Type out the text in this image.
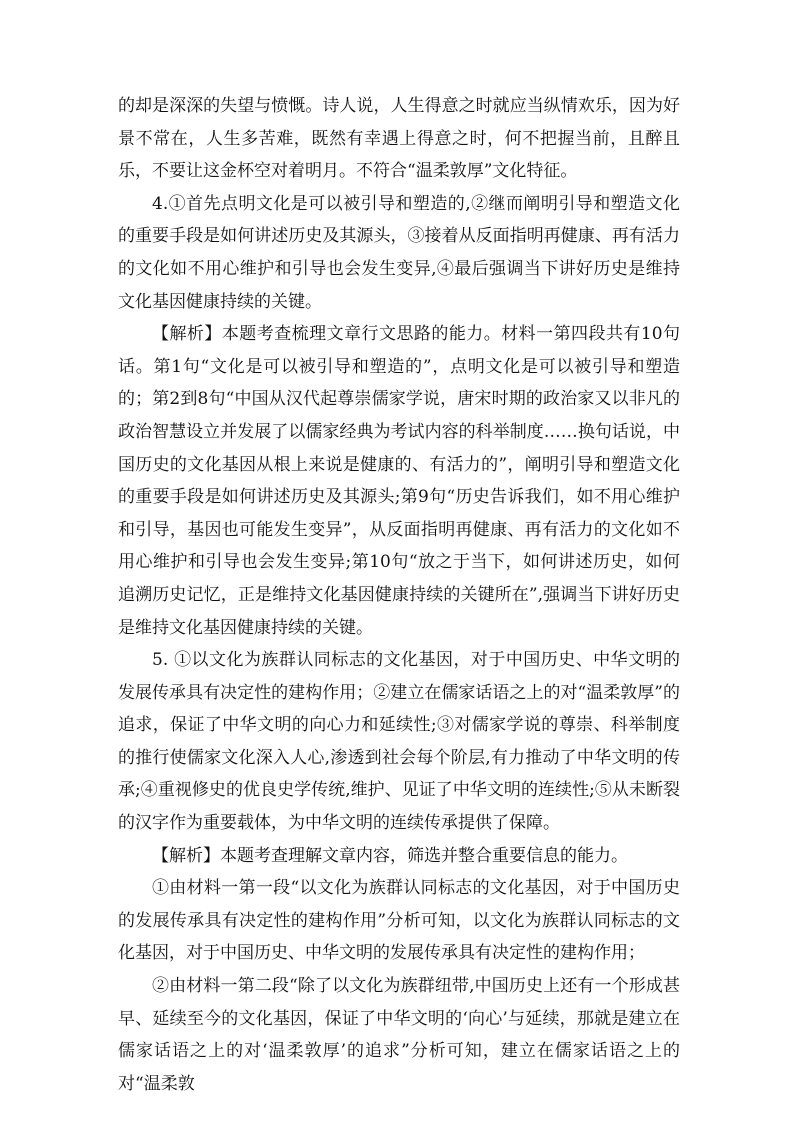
的却是深深的失望与愤慨。诗人说，人生得意之时就应当纵情欢乐，因为好景不常在，人生多苦难，既然有幸遇上得意之时，何不把握当前，且醉且乐，不要让这金杯空对着明月。不符合“温柔敦厚”文化特征。

4.①首先点明文化是可以被引导和塑造的,②继而阐明引导和塑造文化的重要手段是如何讲述历史及其源头，③接着从反面指明再健康、再有活力的文化如不用心维护和引导也会发生变异,④最后强调当下讲好历史是维持文化基因健康持续的关键。

【解析】本题考查梳理文章行文思路的能力。材料一第四段共有10句话。第1句“文化是可以被引导和塑造的”，点明文化是可以被引导和塑造的；第2到8句“中国从汉代起尊崇儒家学说，唐宋时期的政治家又以非凡的政治智慧设立并发展了以儒家经典为考试内容的科举制度……换句话说，中国历史的文化基因从根上来说是健康的、有活力的”，阐明引导和塑造文化的重要手段是如何讲述历史及其源头;第9句“历史告诉我们，如不用心维护和引导，基因也可能发生变异”，从反面指明再健康、再有活力的文化如不用心维护和引导也会发生变异;第10句“放之于当下，如何讲述历史，如何追溯历史记忆，正是维持文化基因健康持续的关键所在”,强调当下讲好历史是维持文化基因健康持续的关键。

5. ①以文化为族群认同标志的文化基因，对于中国历史、中华文明的发展传承具有决定性的建构作用；②建立在儒家话语之上的对“温柔敦厚”的追求，保证了中华文明的向心力和延续性;③对儒家学说的尊崇、科举制度的推行使儒家文化深入人心,渗透到社会每个阶层,有力推动了中华文明的传承;④重视修史的优良史学传统,维护、见证了中华文明的连续性;⑤从未断裂的汉字作为重要载体，为中华文明的连续传承提供了保障。

【解析】本题考查理解文章内容，筛选并整合重要信息的能力。

①由材料一第一段“以文化为族群认同标志的文化基因，对于中国历史的发展传承具有决定性的建构作用”分析可知，以文化为族群认同标志的文化基因，对于中国历史、中华文明的发展传承具有决定性的建构作用；

②由材料一第二段“除了以文化为族群纽带,中国历史上还有一个形成甚早、延续至今的文化基因，保证了中华文明的‘向心’与延续，那就是建立在儒家话语之上的对‘温柔敦厚’的追求”分析可知，建立在儒家话语之上的对“温柔敦
